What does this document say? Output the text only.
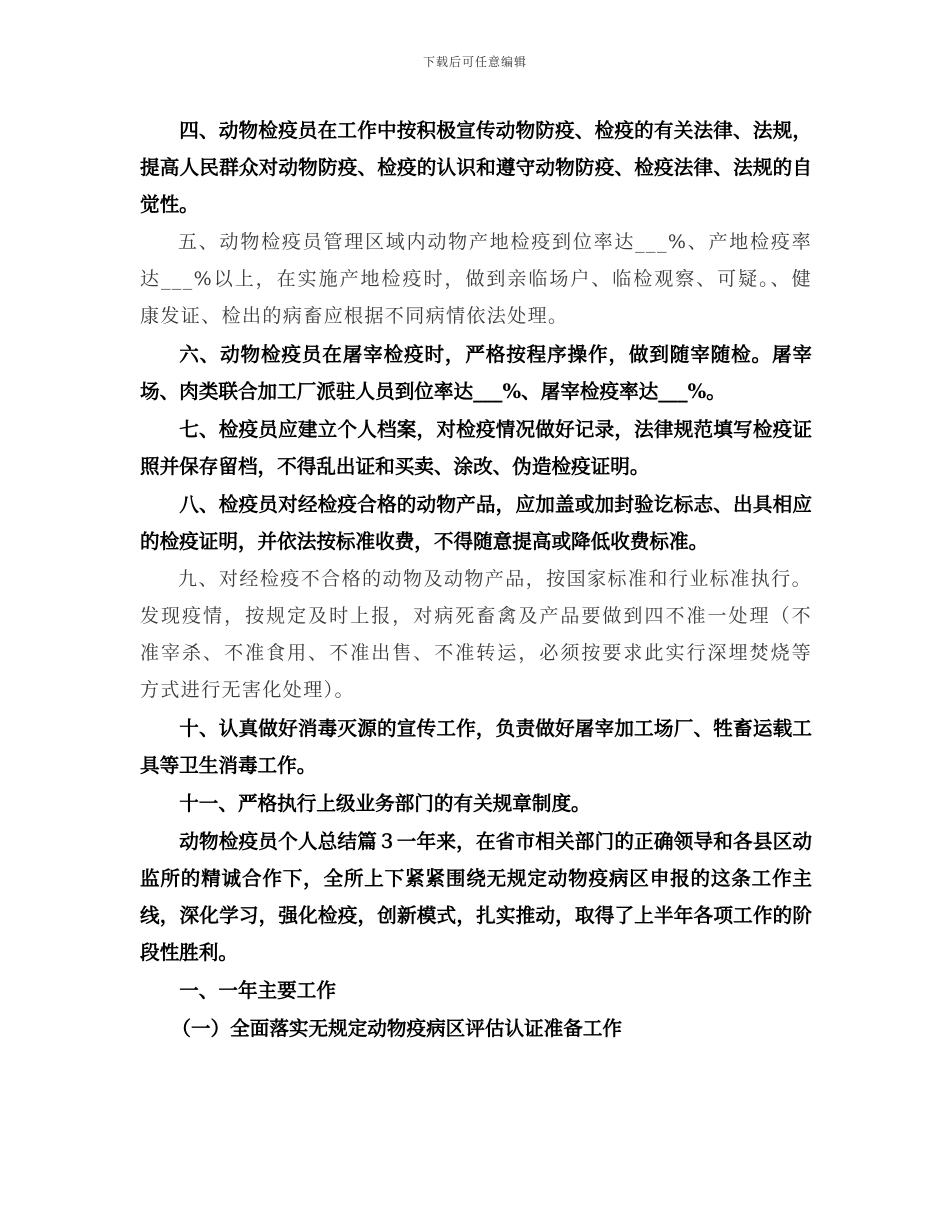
下载后可任意编辑

四、动物检疫员在工作中按积极宣传动物防疫、检疫的有关法律、法规，提高人民群众对动物防疫、检疫的认识和遵守动物防疫、检疫法律、法规的自觉性。

五、动物检疫员管理区域内动物产地检疫到位率达___%、产地检疫率达___%以上，在实施产地检疫时，做到亲临场户、临检观察、可疑。、健康发证、检出的病畜应根据不同病情依法处理。

六、动物检疫员在屠宰检疫时，严格按程序操作，做到随宰随检。屠宰场、肉类联合加工厂派驻人员到位率达___%、屠宰检疫率达___%。

七、检疫员应建立个人档案，对检疫情况做好记录，法律规范填写检疫证照并保存留档，不得乱出证和买卖、涂改、伪造检疫证明。

八、检疫员对经检疫合格的动物产品，应加盖或加封验讫标志、出具相应的检疫证明，并依法按标准收费，不得随意提高或降低收费标准。

九、对经检疫不合格的动物及动物产品，按国家标准和行业标准执行。发现疫情，按规定及时上报，对病死畜禽及产品要做到四不准一处理（不准宰杀、不准食用、不准出售、不准转运，必须按要求此实行深埋焚烧等方式进行无害化处理）。

十、认真做好消毒灭源的宣传工作，负责做好屠宰加工场厂、牲畜运载工具等卫生消毒工作。

十一、严格执行上级业务部门的有关规章制度。

动物检疫员个人总结篇３一年来，在省市相关部门的正确领导和各县区动监所的精诚合作下，全所上下紧紧围绕无规定动物疫病区申报的这条工作主线，深化学习，强化检疫，创新模式，扎实推动，取得了上半年各项工作的阶段性胜利。

一、一年主要工作

（一）全面落实无规定动物疫病区评估认证准备工作
